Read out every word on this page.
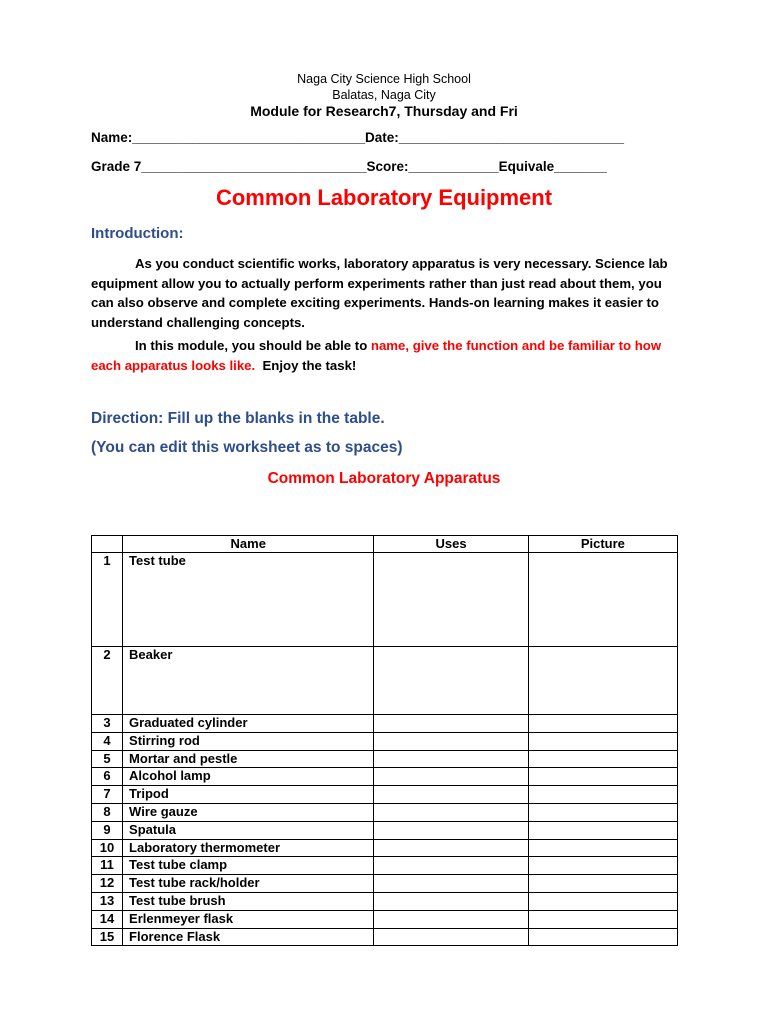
Naga City Science High School
Balatas, Naga City
Module for Research7, Thursday and Fri
Name:_______________________________Date:______________________________
Grade 7______________________________Score:____________Equivale_______
Common Laboratory Equipment
Introduction:
As you conduct scientific works, laboratory apparatus is very necessary. Science lab equipment allow you to actually perform experiments rather than just read about them, you can also observe and complete exciting experiments. Hands-on learning makes it easier to understand challenging concepts.
In this module, you should be able to name, give the function and be familiar to how each apparatus looks like.  Enjoy the task!
Direction: Fill up the blanks in the table.
(You can edit this worksheet as to spaces)
Common Laboratory Apparatus
	Name	Uses	Picture
1	Test tube		
2	Beaker		
3	Graduated cylinder		
4	Stirring rod		
5	Mortar and pestle		
6	Alcohol lamp		
7	Tripod		
8	Wire gauze		
9	Spatula		
10	Laboratory thermometer		
11	Test tube clamp		
12	Test tube rack/holder		
13	Test tube brush		
14	Erlenmeyer flask		
15	Florence Flask		
